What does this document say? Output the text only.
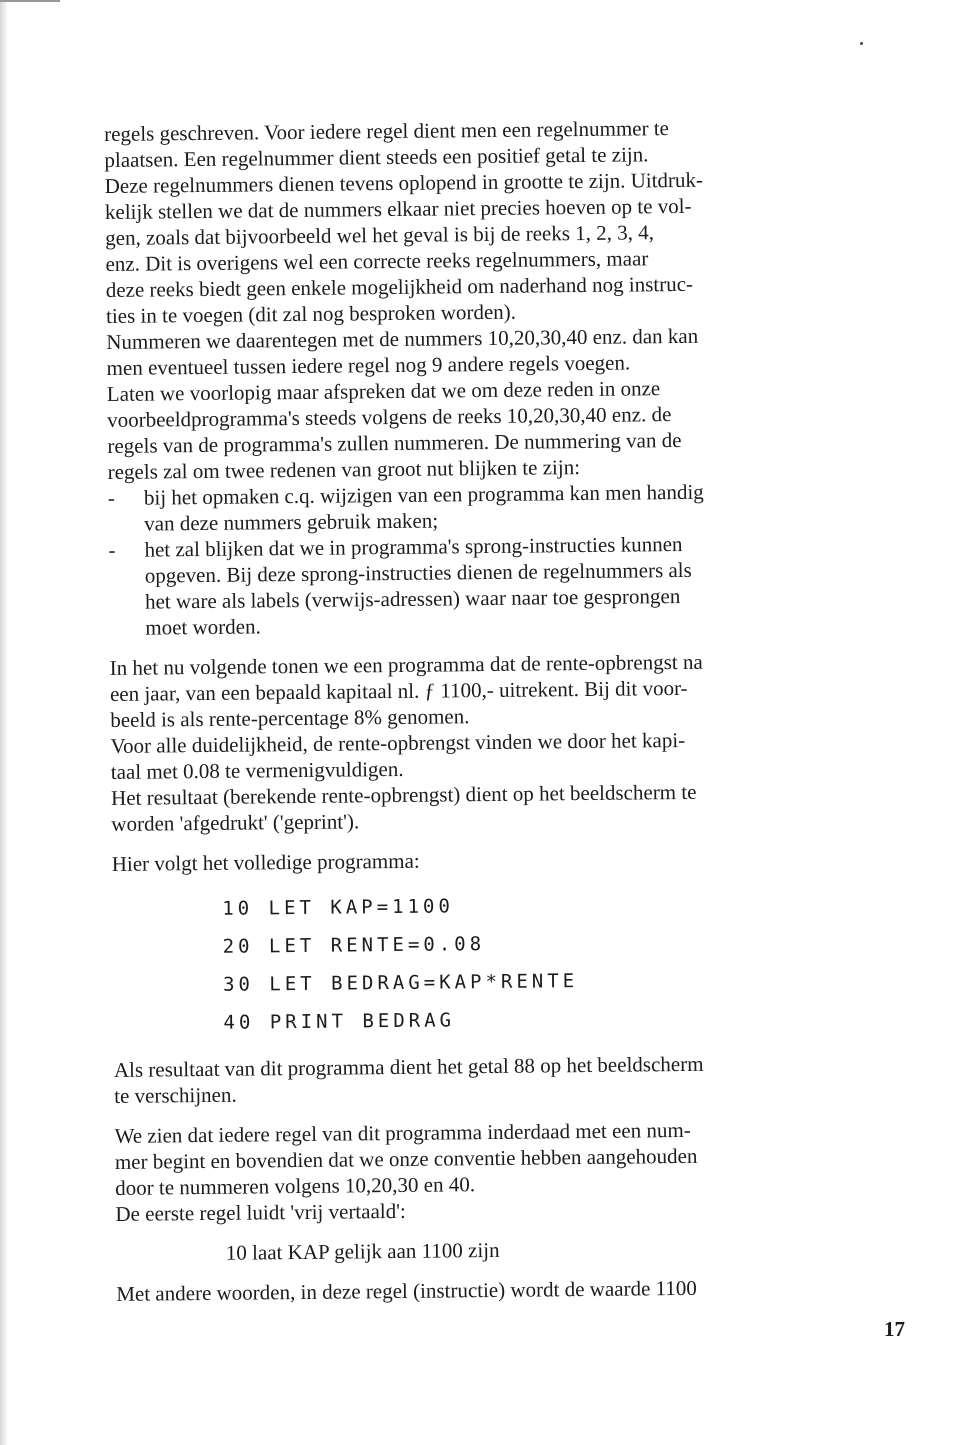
regels geschreven. Voor iedere regel dient men een regelnummer te
plaatsen. Een regelnummer dient steeds een positief getal te zijn.
Deze regelnummers dienen tevens oplopend in grootte te zijn. Uitdruk-
kelijk stellen we dat de nummers elkaar niet precies hoeven op te vol-
gen, zoals dat bijvoorbeeld wel het geval is bij de reeks 1, 2, 3, 4,
enz. Dit is overigens wel een correcte reeks regelnummers, maar
deze reeks biedt geen enkele mogelijkheid om naderhand nog instruc-
ties in te voegen (dit zal nog besproken worden).
Nummeren we daarentegen met de nummers 10,20,30,40 enz. dan kan
men eventueel tussen iedere regel nog 9 andere regels voegen.
Laten we voorlopig maar afspreken dat we om deze reden in onze
voorbeeldprogramma's steeds volgens de reeks 10,20,30,40 enz. de
regels van de programma's zullen nummeren. De nummering van de
regels zal om twee redenen van groot nut blijken te zijn:
-	bij het opmaken c.q. wijzigen van een programma kan men handig
van deze nummers gebruik maken;
-	het zal blijken dat we in programma's sprong-instructies kunnen
opgeven. Bij deze sprong-instructies dienen de regelnummers als
het ware als labels (verwijs-adressen) waar naar toe gesprongen
moet worden.
In het nu volgende tonen we een programma dat de rente-opbrengst na
een jaar, van een bepaald kapitaal nl. ƒ 1100,- uitrekent. Bij dit voor-
beeld is als rente-percentage 8% genomen.
Voor alle duidelijkheid, de rente-opbrengst vinden we door het kapi-
taal met 0.08 te vermenigvuldigen.
Het resultaat (berekende rente-opbrengst) dient op het beeldscherm te
worden 'afgedrukt' ('geprint').
Hier volgt het volledige programma:
10 LET KAP=1100
20 LET RENTE=0.08
30 LET BEDRAG=KAP*RENTE
40 PRINT BEDRAG
Als resultaat van dit programma dient het getal 88 op het beeldscherm
te verschijnen.
We zien dat iedere regel van dit programma inderdaad met een num-
mer begint en bovendien dat we onze conventie hebben aangehouden
door te nummeren volgens 10,20,30 en 40.
De eerste regel luidt 'vrij vertaald':
10 laat KAP gelijk aan 1100 zijn
Met andere woorden, in deze regel (instructie) wordt de waarde 1100
17
